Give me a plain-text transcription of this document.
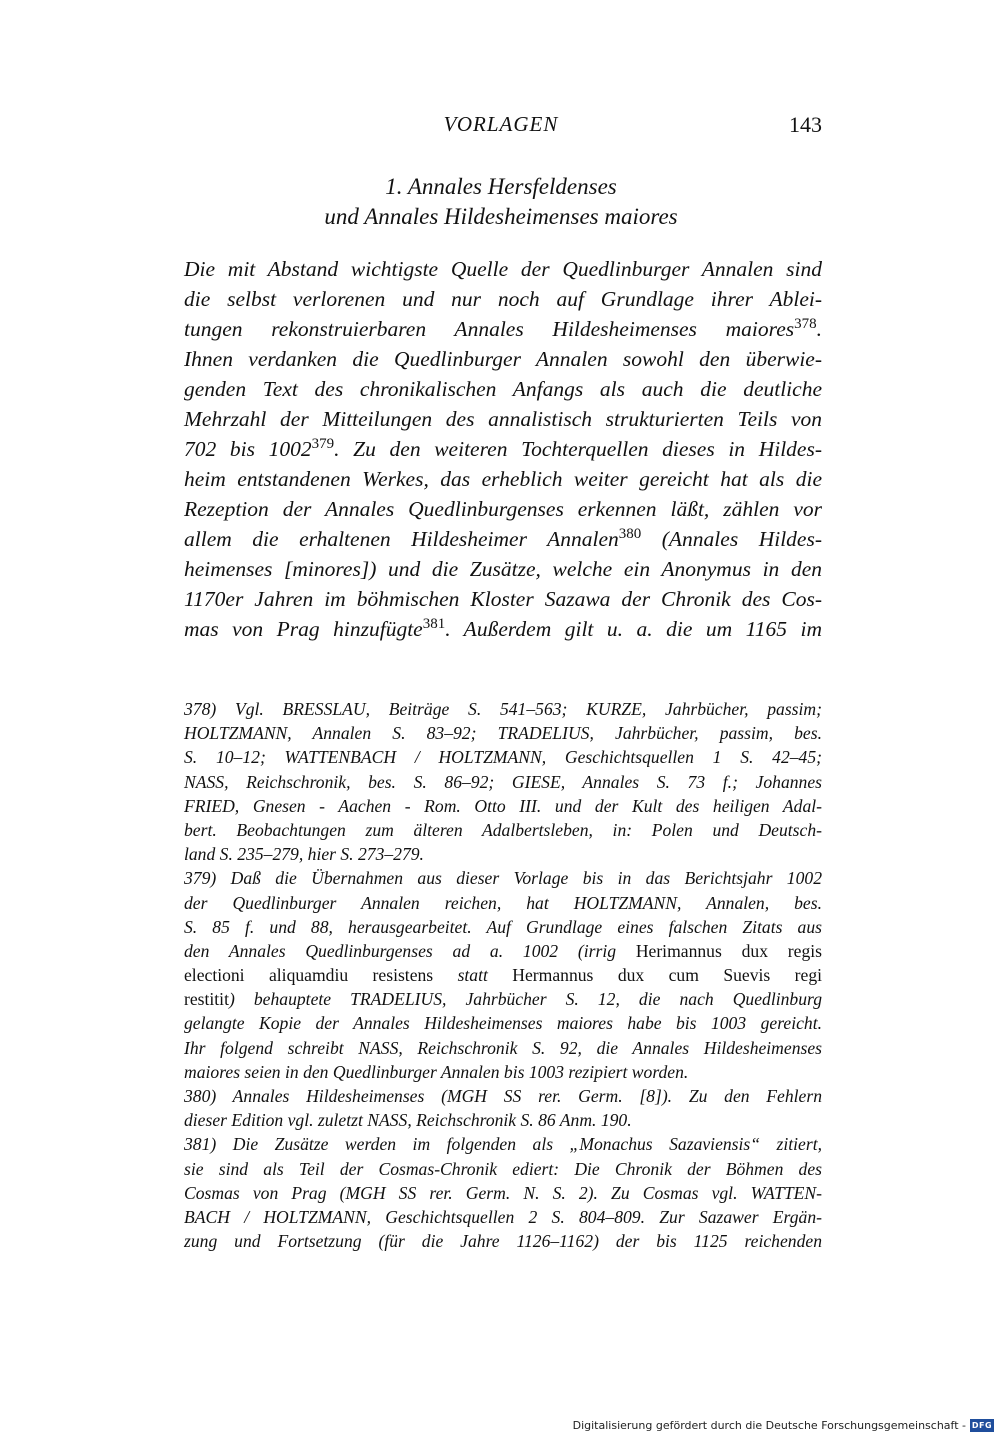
VORLAGEN	143
1. Annales Hersfeldenses
und Annales Hildesheimenses maiores
Die mit Abstand wichtigste Quelle der Quedlinburger Annalen sind
die selbst verlorenen und nur noch auf Grundlage ihrer Ablei-
tungen rekonstruierbaren Annales Hildesheimenses maiores$^{378}$.
Ihnen verdanken die Quedlinburger Annalen sowohl den überwie-
genden Text des chronikalischen Anfangs als auch die deutliche
Mehrzahl der Mitteilungen des annalistisch strukturierten Teils von
702 bis 1002$^{379}$. Zu den weiteren Tochterquellen dieses in Hildes-
heim entstandenen Werkes, das erheblich weiter gereicht hat als die
Rezeption der Annales Quedlinburgenses erkennen läßt, zählen vor
allem die erhaltenen Hildesheimer Annalen$^{380}$ (Annales Hildes-
heimenses [minores]) und die Zusätze, welche ein Anonymus in den
1170er Jahren im böhmischen Kloster Sazawa der Chronik des Cos-
mas von Prag hinzufügte$^{381}$. Außerdem gilt u. a. die um 1165 im
378) Vgl. BRESSLAU, Beiträge S. 541–563; KURZE, Jahrbücher, passim;
HOLTZMANN, Annalen S. 83–92; TRADELIUS, Jahrbücher, passim, bes.
S. 10–12; WATTENBACH / HOLTZMANN, Geschichtsquellen 1 S. 42–45;
NASS, Reichschronik, bes. S. 86–92; GIESE, Annales S. 73 f.; Johannes
FRIED, Gnesen - Aachen - Rom. Otto III. und der Kult des heiligen Adal-
bert. Beobachtungen zum älteren Adalbertsleben, in: Polen und Deutsch-
land S. 235–279, hier S. 273–279.
379) Daß die Übernahmen aus dieser Vorlage bis in das Berichtsjahr 1002
der Quedlinburger Annalen reichen, hat HOLTZMANN, Annalen, bes.
S. 85 f. und 88, herausgearbeitet. Auf Grundlage eines falschen Zitats aus
den Annales Quedlinburgenses ad a. 1002 (irrig Herimannus dux regis
electioni aliquamdiu resistens statt Hermannus dux cum Suevis regi
restitit) behauptete TRADELIUS, Jahrbücher S. 12, die nach Quedlinburg
gelangte Kopie der Annales Hildesheimenses maiores habe bis 1003 gereicht.
Ihr folgend schreibt NASS, Reichschronik S. 92, die Annales Hildesheimenses
maiores seien in den Quedlinburger Annalen bis 1003 rezipiert worden.
380) Annales Hildesheimenses (MGH SS rer. Germ. [8]). Zu den Fehlern
dieser Edition vgl. zuletzt NASS, Reichschronik S. 86 Anm. 190.
381) Die Zusätze werden im folgenden als „Monachus Sazaviensis“ zitiert,
sie sind als Teil der Cosmas-Chronik ediert: Die Chronik der Böhmen des
Cosmas von Prag (MGH SS rer. Germ. N. S. 2). Zu Cosmas vgl. WATTEN-
BACH / HOLTZMANN, Geschichtsquellen 2 S. 804–809. Zur Sazawer Ergän-
zung und Fortsetzung (für die Jahre 1126–1162) der bis 1125 reichenden
Digitalisierung gefördert durch die Deutsche Forschungsgemeinschaft - DFG
